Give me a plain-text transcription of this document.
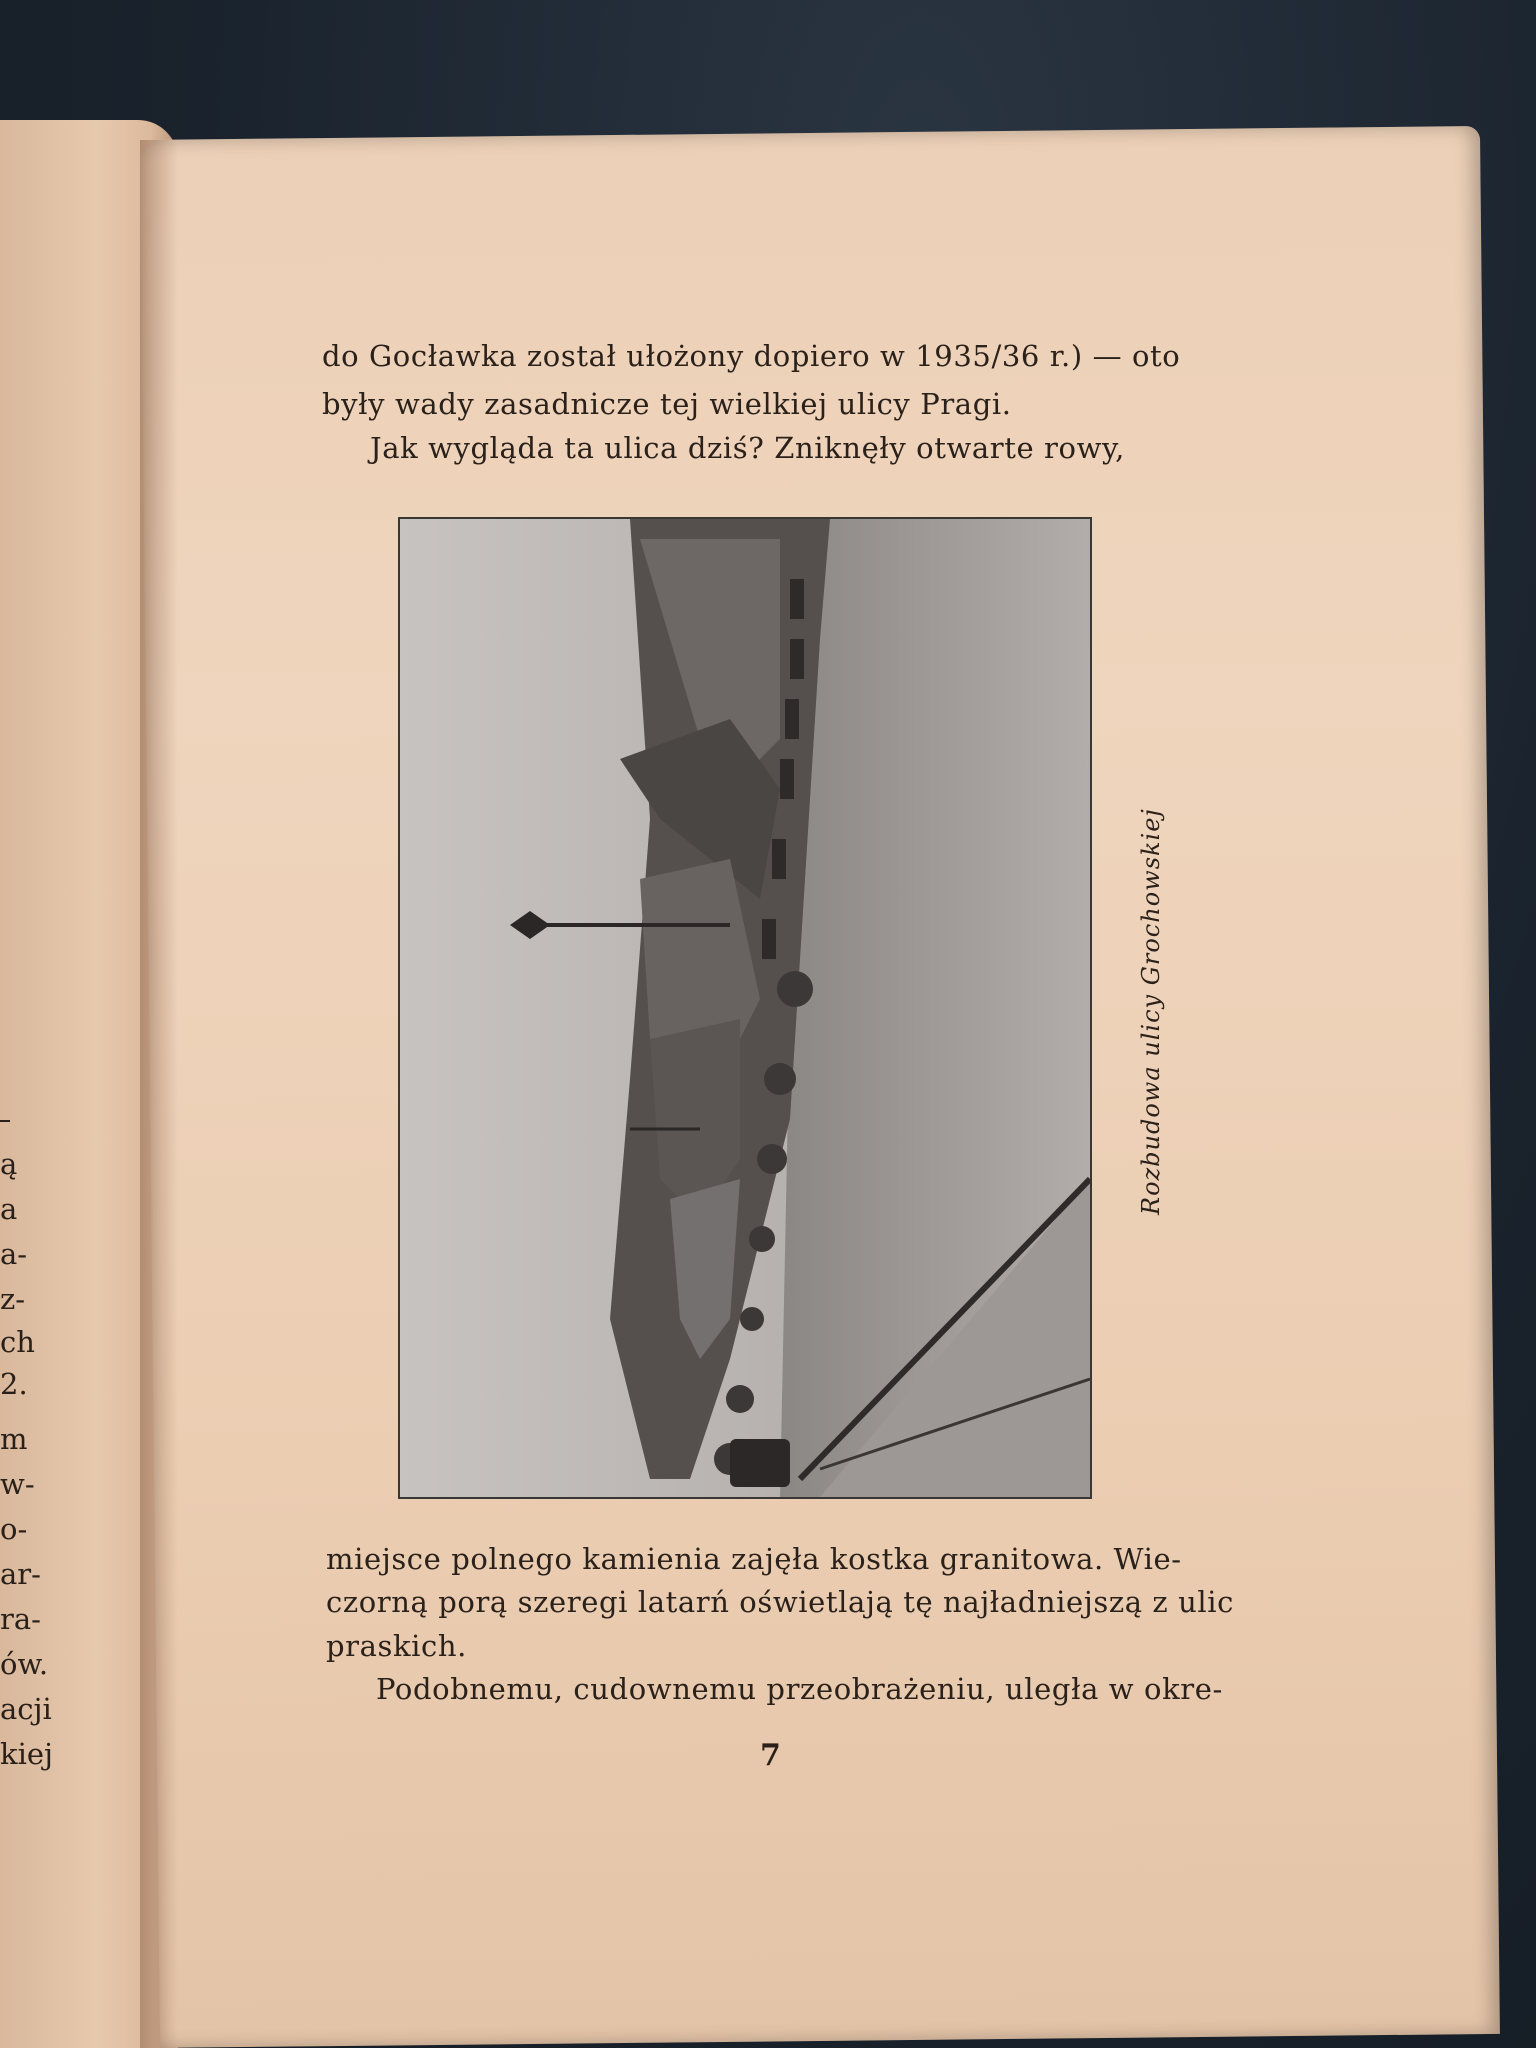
ą
a
a-
z-
ch
2.
m
w-
o-
ar-
ra-
ów.
acji
kiej
do Gocławka został ułożony dopiero w 1935/36 r.) — oto
były wady zasadnicze tej wielkiej ulicy Pragi.
Jak wygląda ta ulica dziś? Zniknęły otwarte rowy,
Rozbudowa ulicy Grochowskiej
miejsce polnego kamienia zajęła kostka granitowa. Wie-
czorną porą szeregi latarń oświetlają tę najładniejszą z ulic
praskich.
Podobnemu, cudownemu przeobrażeniu, uległa w okre-
7
